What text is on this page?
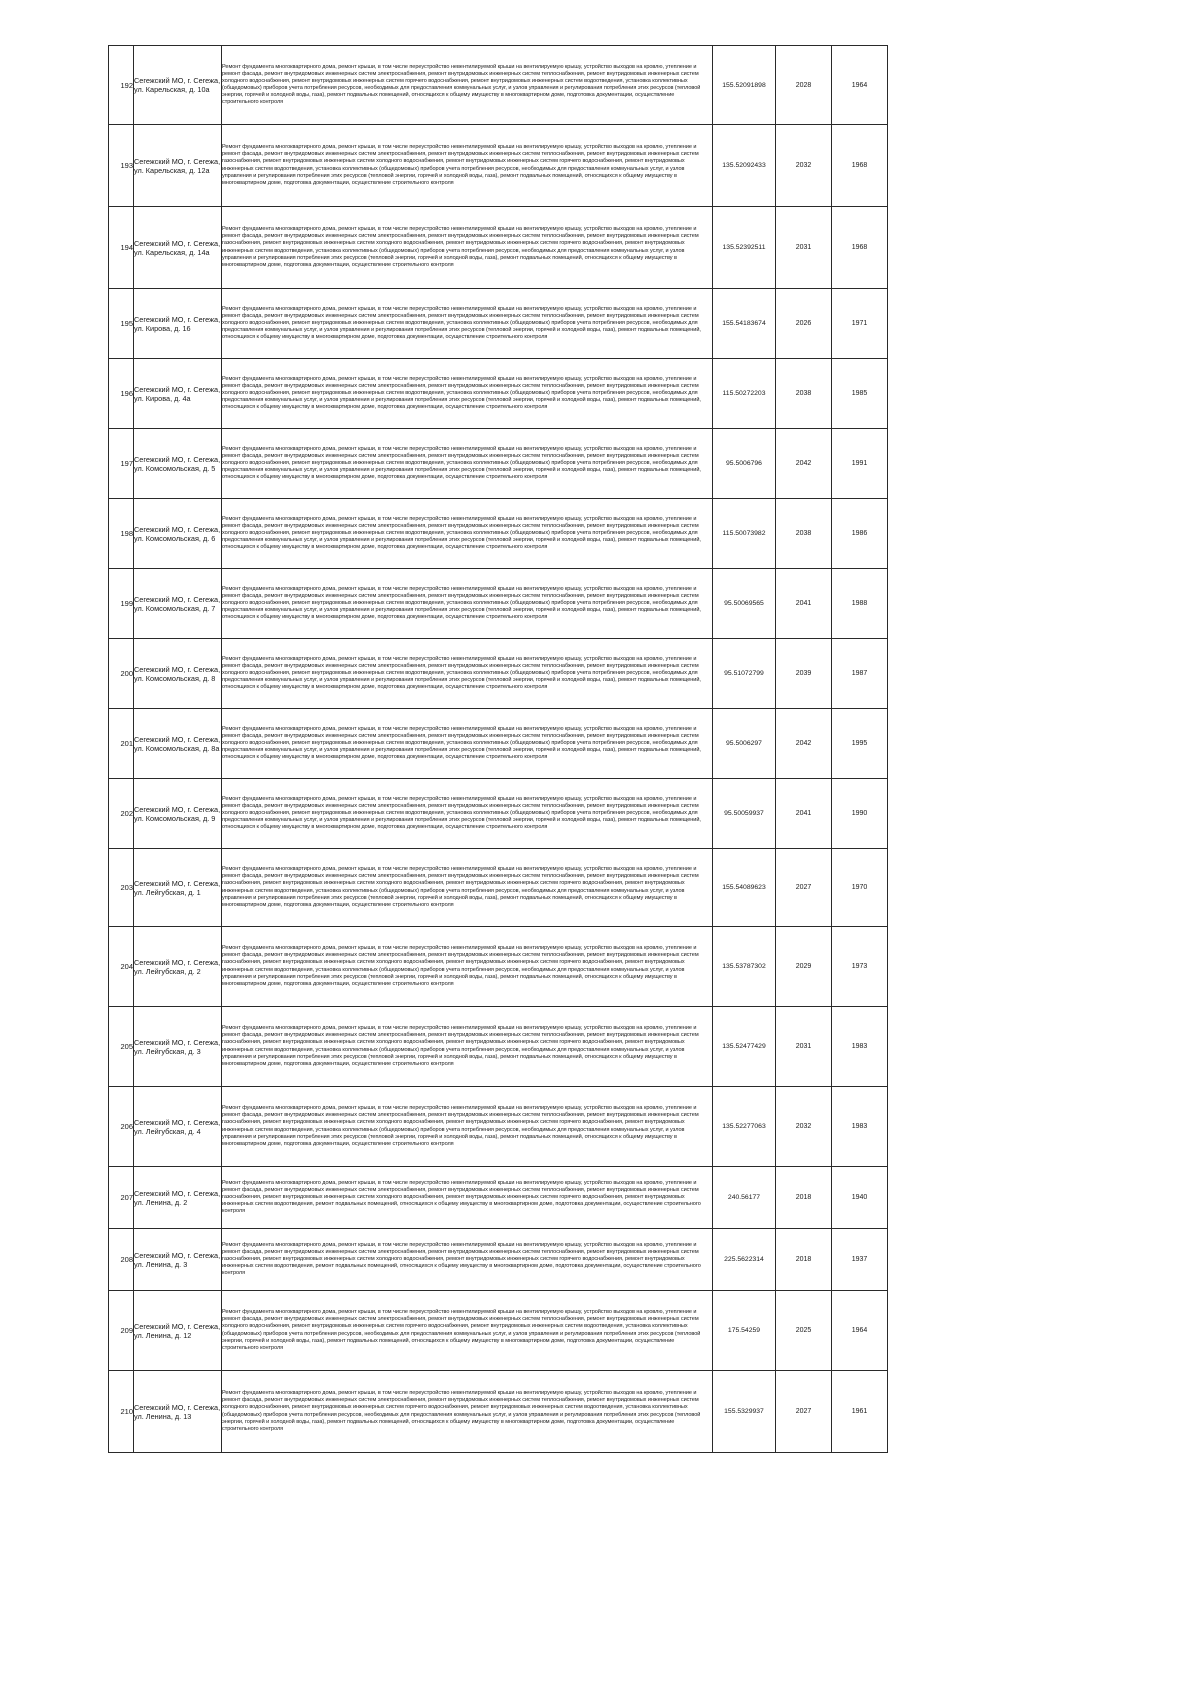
192	Сегежский МО, г. Сегежа, ул. Карельская, д. 10а	Ремонт фундамента многоквартирного дома, ремонт крыши, в том числе переустройство невентилируемой крыши на вентилируемую крышу, устройство выходов на кровлю, утепление и ремонт фасада, ремонт внутридомовых инженерных систем электроснабжения, ремонт внутридомовых инженерных систем теплоснабжения, ремонт внутридомовых инженерных систем холодного водоснабжения, ремонт внутридомовых инженерных систем горячего водоснабжения, ремонт внутридомовых инженерных систем водоотведения, установка коллективных (общедомовых) приборов учета потребления ресурсов, необходимых для предоставления коммунальных услуг, и узлов управления и регулирования потребления этих ресурсов (тепловой энергии, горячей и холодной воды, газа), ремонт подвальных помещений, относящихся к общему имуществу в многоквартирном доме, подготовка документации, осуществление строительного контроля	155.52091898	2028	1964
193	Сегежский МО, г. Сегежа, ул. Карельская, д. 12а	Ремонт фундамента многоквартирного дома, ремонт крыши, в том числе переустройство невентилируемой крыши на вентилируемую крышу, устройство выходов на кровлю, утепление и ремонт фасада, ремонт внутридомовых инженерных систем электроснабжения, ремонт внутридомовых инженерных систем теплоснабжения, ремонт внутридомовых инженерных систем газоснабжения, ремонт внутридомовых инженерных систем холодного водоснабжения, ремонт внутридомовых инженерных систем горячего водоснабжения, ремонт внутридомовых инженерных систем водоотведения, установка коллективных (общедомовых) приборов учета потребления ресурсов, необходимых для предоставления коммунальных услуг, и узлов управления и регулирования потребления этих ресурсов (тепловой энергии, горячей и холодной воды, газа), ремонт подвальных помещений, относящихся к общему имуществу в многоквартирном доме, подготовка документации, осуществление строительного контроля	135.52092433	2032	1968
194	Сегежский МО, г. Сегежа, ул. Карельская, д. 14а	Ремонт фундамента многоквартирного дома, ремонт крыши, в том числе переустройство невентилируемой крыши на вентилируемую крышу, устройство выходов на кровлю, утепление и ремонт фасада, ремонт внутридомовых инженерных систем электроснабжения, ремонт внутридомовых инженерных систем теплоснабжения, ремонт внутридомовых инженерных систем газоснабжения, ремонт внутридомовых инженерных систем холодного водоснабжения, ремонт внутридомовых инженерных систем горячего водоснабжения, ремонт внутридомовых инженерных систем водоотведения, установка коллективных (общедомовых) приборов учета потребления ресурсов, необходимых для предоставления коммунальных услуг, и узлов управления и регулирования потребления этих ресурсов (тепловой энергии, горячей и холодной воды, газа), ремонт подвальных помещений, относящихся к общему имуществу в многоквартирном доме, подготовка документации, осуществление строительного контроля	135.52392511	2031	1968
195	Сегежский МО, г. Сегежа, ул. Кирова, д. 16	Ремонт фундамента многоквартирного дома, ремонт крыши, в том числе переустройство невентилируемой крыши на вентилируемую крышу, устройство выходов на кровлю, утепление и ремонт фасада, ремонт внутридомовых инженерных систем электроснабжения, ремонт внутридомовых инженерных систем теплоснабжения, ремонт внутридомовых инженерных систем холодного водоснабжения, ремонт внутридомовых инженерных систем водоотведения, установка коллективных (общедомовых) приборов учета потребления ресурсов, необходимых для предоставления коммунальных услуг, и узлов управления и регулирования потребления этих ресурсов (тепловой энергии, горячей и холодной воды, газа), ремонт подвальных помещений, относящихся к общему имуществу в многоквартирном доме, подготовка документации, осуществление строительного контроля	155.54183674	2026	1971
196	Сегежский МО, г. Сегежа, ул. Кирова, д. 4а	Ремонт фундамента многоквартирного дома, ремонт крыши, в том числе переустройство невентилируемой крыши на вентилируемую крышу, устройство выходов на кровлю, утепление и ремонт фасада, ремонт внутридомовых инженерных систем электроснабжения, ремонт внутридомовых инженерных систем теплоснабжения, ремонт внутридомовых инженерных систем холодного водоснабжения, ремонт внутридомовых инженерных систем водоотведения, установка коллективных (общедомовых) приборов учета потребления ресурсов, необходимых для предоставления коммунальных услуг, и узлов управления и регулирования потребления этих ресурсов (тепловой энергии, горячей и холодной воды, газа), ремонт подвальных помещений, относящихся к общему имуществу в многоквартирном доме, подготовка документации, осуществление строительного контроля	115.50272203	2038	1985
197	Сегежский МО, г. Сегежа, ул. Комсомольская, д. 5	Ремонт фундамента многоквартирного дома, ремонт крыши, в том числе переустройство невентилируемой крыши на вентилируемую крышу, устройство выходов на кровлю, утепление и ремонт фасада, ремонт внутридомовых инженерных систем электроснабжения, ремонт внутридомовых инженерных систем теплоснабжения, ремонт внутридомовых инженерных систем холодного водоснабжения, ремонт внутридомовых инженерных систем водоотведения, установка коллективных (общедомовых) приборов учета потребления ресурсов, необходимых для предоставления коммунальных услуг, и узлов управления и регулирования потребления этих ресурсов (тепловой энергии, горячей и холодной воды, газа), ремонт подвальных помещений, относящихся к общему имуществу в многоквартирном доме, подготовка документации, осуществление строительного контроля	95.5006796	2042	1991
198	Сегежский МО, г. Сегежа, ул. Комсомольская, д. 6	Ремонт фундамента многоквартирного дома, ремонт крыши, в том числе переустройство невентилируемой крыши на вентилируемую крышу, устройство выходов на кровлю, утепление и ремонт фасада, ремонт внутридомовых инженерных систем электроснабжения, ремонт внутридомовых инженерных систем теплоснабжения, ремонт внутридомовых инженерных систем холодного водоснабжения, ремонт внутридомовых инженерных систем водоотведения, установка коллективных (общедомовых) приборов учета потребления ресурсов, необходимых для предоставления коммунальных услуг, и узлов управления и регулирования потребления этих ресурсов (тепловой энергии, горячей и холодной воды, газа), ремонт подвальных помещений, относящихся к общему имуществу в многоквартирном доме, подготовка документации, осуществление строительного контроля	115.50073982	2038	1986
199	Сегежский МО, г. Сегежа, ул. Комсомольская, д. 7	Ремонт фундамента многоквартирного дома, ремонт крыши, в том числе переустройство невентилируемой крыши на вентилируемую крышу, устройство выходов на кровлю, утепление и ремонт фасада, ремонт внутридомовых инженерных систем электроснабжения, ремонт внутридомовых инженерных систем теплоснабжения, ремонт внутридомовых инженерных систем холодного водоснабжения, ремонт внутридомовых инженерных систем водоотведения, установка коллективных (общедомовых) приборов учета потребления ресурсов, необходимых для предоставления коммунальных услуг, и узлов управления и регулирования потребления этих ресурсов (тепловой энергии, горячей и холодной воды, газа), ремонт подвальных помещений, относящихся к общему имуществу в многоквартирном доме, подготовка документации, осуществление строительного контроля	95.50069565	2041	1988
200	Сегежский МО, г. Сегежа, ул. Комсомольская, д. 8	Ремонт фундамента многоквартирного дома, ремонт крыши, в том числе переустройство невентилируемой крыши на вентилируемую крышу, устройство выходов на кровлю, утепление и ремонт фасада, ремонт внутридомовых инженерных систем электроснабжения, ремонт внутридомовых инженерных систем теплоснабжения, ремонт внутридомовых инженерных систем холодного водоснабжения, ремонт внутридомовых инженерных систем водоотведения, установка коллективных (общедомовых) приборов учета потребления ресурсов, необходимых для предоставления коммунальных услуг, и узлов управления и регулирования потребления этих ресурсов (тепловой энергии, горячей и холодной воды, газа), ремонт подвальных помещений, относящихся к общему имуществу в многоквартирном доме, подготовка документации, осуществление строительного контроля	95.51072799	2039	1987
201	Сегежский МО, г. Сегежа, ул. Комсомольская, д. 8а	Ремонт фундамента многоквартирного дома, ремонт крыши, в том числе переустройство невентилируемой крыши на вентилируемую крышу, устройство выходов на кровлю, утепление и ремонт фасада, ремонт внутридомовых инженерных систем электроснабжения, ремонт внутридомовых инженерных систем теплоснабжения, ремонт внутридомовых инженерных систем холодного водоснабжения, ремонт внутридомовых инженерных систем водоотведения, установка коллективных (общедомовых) приборов учета потребления ресурсов, необходимых для предоставления коммунальных услуг, и узлов управления и регулирования потребления этих ресурсов (тепловой энергии, горячей и холодной воды, газа), ремонт подвальных помещений, относящихся к общему имуществу в многоквартирном доме, подготовка документации, осуществление строительного контроля	95.5006297	2042	1995
202	Сегежский МО, г. Сегежа, ул. Комсомольская, д. 9	Ремонт фундамента многоквартирного дома, ремонт крыши, в том числе переустройство невентилируемой крыши на вентилируемую крышу, устройство выходов на кровлю, утепление и ремонт фасада, ремонт внутридомовых инженерных систем электроснабжения, ремонт внутридомовых инженерных систем теплоснабжения, ремонт внутридомовых инженерных систем холодного водоснабжения, ремонт внутридомовых инженерных систем водоотведения, установка коллективных (общедомовых) приборов учета потребления ресурсов, необходимых для предоставления коммунальных услуг, и узлов управления и регулирования потребления этих ресурсов (тепловой энергии, горячей и холодной воды, газа), ремонт подвальных помещений, относящихся к общему имуществу в многоквартирном доме, подготовка документации, осуществление строительного контроля	95.50059937	2041	1990
203	Сегежский МО, г. Сегежа, ул. Лейгубская, д. 1	Ремонт фундамента многоквартирного дома, ремонт крыши, в том числе переустройство невентилируемой крыши на вентилируемую крышу, устройство выходов на кровлю, утепление и ремонт фасада, ремонт внутридомовых инженерных систем электроснабжения, ремонт внутридомовых инженерных систем теплоснабжения, ремонт внутридомовых инженерных систем газоснабжения, ремонт внутридомовых инженерных систем холодного водоснабжения, ремонт внутридомовых инженерных систем горячего водоснабжения, ремонт внутридомовых инженерных систем водоотведения, установка коллективных (общедомовых) приборов учета потребления ресурсов, необходимых для предоставления коммунальных услуг, и узлов управления и регулирования потребления этих ресурсов (тепловой энергии, горячей и холодной воды, газа), ремонт подвальных помещений, относящихся к общему имуществу в многоквартирном доме, подготовка документации, осуществление строительного контроля	155.54089623	2027	1970
204	Сегежский МО, г. Сегежа, ул. Лейгубская, д. 2	Ремонт фундамента многоквартирного дома, ремонт крыши, в том числе переустройство невентилируемой крыши на вентилируемую крышу, устройство выходов на кровлю, утепление и ремонт фасада, ремонт внутридомовых инженерных систем электроснабжения, ремонт внутридомовых инженерных систем теплоснабжения, ремонт внутридомовых инженерных систем газоснабжения, ремонт внутридомовых инженерных систем холодного водоснабжения, ремонт внутридомовых инженерных систем горячего водоснабжения, ремонт внутридомовых инженерных систем водоотведения, установка коллективных (общедомовых) приборов учета потребления ресурсов, необходимых для предоставления коммунальных услуг, и узлов управления и регулирования потребления этих ресурсов (тепловой энергии, горячей и холодной воды, газа), ремонт подвальных помещений, относящихся к общему имуществу в многоквартирном доме, подготовка документации, осуществление строительного контроля	135.53787302	2029	1973
205	Сегежский МО, г. Сегежа, ул. Лейгубская, д. 3	Ремонт фундамента многоквартирного дома, ремонт крыши, в том числе переустройство невентилируемой крыши на вентилируемую крышу, устройство выходов на кровлю, утепление и ремонт фасада, ремонт внутридомовых инженерных систем электроснабжения, ремонт внутридомовых инженерных систем теплоснабжения, ремонт внутридомовых инженерных систем газоснабжения, ремонт внутридомовых инженерных систем холодного водоснабжения, ремонт внутридомовых инженерных систем горячего водоснабжения, ремонт внутридомовых инженерных систем водоотведения, установка коллективных (общедомовых) приборов учета потребления ресурсов, необходимых для предоставления коммунальных услуг, и узлов управления и регулирования потребления этих ресурсов (тепловой энергии, горячей и холодной воды, газа), ремонт подвальных помещений, относящихся к общему имуществу в многоквартирном доме, подготовка документации, осуществление строительного контроля	135.52477429	2031	1983
206	Сегежский МО, г. Сегежа, ул. Лейгубская, д. 4	Ремонт фундамента многоквартирного дома, ремонт крыши, в том числе переустройство невентилируемой крыши на вентилируемую крышу, устройство выходов на кровлю, утепление и ремонт фасада, ремонт внутридомовых инженерных систем электроснабжения, ремонт внутридомовых инженерных систем теплоснабжения, ремонт внутридомовых инженерных систем газоснабжения, ремонт внутридомовых инженерных систем холодного водоснабжения, ремонт внутридомовых инженерных систем горячего водоснабжения, ремонт внутридомовых инженерных систем водоотведения, установка коллективных (общедомовых) приборов учета потребления ресурсов, необходимых для предоставления коммунальных услуг, и узлов управления и регулирования потребления этих ресурсов (тепловой энергии, горячей и холодной воды, газа), ремонт подвальных помещений, относящихся к общему имуществу в многоквартирном доме, подготовка документации, осуществление строительного контроля	135.52277063	2032	1983
207	Сегежский МО, г. Сегежа, ул. Ленина, д. 2	Ремонт фундамента многоквартирного дома, ремонт крыши, в том числе переустройство невентилируемой крыши на вентилируемую крышу, устройство выходов на кровлю, утепление и ремонт фасада, ремонт внутридомовых инженерных систем электроснабжения, ремонт внутридомовых инженерных систем теплоснабжения, ремонт внутридомовых инженерных систем газоснабжения, ремонт внутридомовых инженерных систем холодного водоснабжения, ремонт внутридомовых инженерных систем горячего водоснабжения, ремонт внутридомовых инженерных систем водоотведения, ремонт подвальных помещений, относящихся к общему имуществу в многоквартирном доме, подготовка документации, осуществление строительного контроля	240.56177	2018	1940
208	Сегежский МО, г. Сегежа, ул. Ленина, д. 3	Ремонт фундамента многоквартирного дома, ремонт крыши, в том числе переустройство невентилируемой крыши на вентилируемую крышу, устройство выходов на кровлю, утепление и ремонт фасада, ремонт внутридомовых инженерных систем электроснабжения, ремонт внутридомовых инженерных систем теплоснабжения, ремонт внутридомовых инженерных систем газоснабжения, ремонт внутридомовых инженерных систем холодного водоснабжения, ремонт внутридомовых инженерных систем горячего водоснабжения, ремонт внутридомовых инженерных систем водоотведения, ремонт подвальных помещений, относящихся к общему имуществу в многоквартирном доме, подготовка документации, осуществление строительного контроля	225.5622314	2018	1937
209	Сегежский МО, г. Сегежа, ул. Ленина, д. 12	Ремонт фундамента многоквартирного дома, ремонт крыши, в том числе переустройство невентилируемой крыши на вентилируемую крышу, устройство выходов на кровлю, утепление и ремонт фасада, ремонт внутридомовых инженерных систем электроснабжения, ремонт внутридомовых инженерных систем теплоснабжения, ремонт внутридомовых инженерных систем холодного водоснабжения, ремонт внутридомовых инженерных систем горячего водоснабжения, ремонт внутридомовых инженерных систем водоотведения, установка коллективных (общедомовых) приборов учета потребления ресурсов, необходимых для предоставления коммунальных услуг, и узлов управления и регулирования потребления этих ресурсов (тепловой энергии, горячей и холодной воды, газа), ремонт подвальных помещений, относящихся к общему имуществу в многоквартирном доме, подготовка документации, осуществление строительного контроля	175.54259	2025	1964
210	Сегежский МО, г. Сегежа, ул. Ленина, д. 13	Ремонт фундамента многоквартирного дома, ремонт крыши, в том числе переустройство невентилируемой крыши на вентилируемую крышу, устройство выходов на кровлю, утепление и ремонт фасада, ремонт внутридомовых инженерных систем электроснабжения, ремонт внутридомовых инженерных систем теплоснабжения, ремонт внутридомовых инженерных систем холодного водоснабжения, ремонт внутридомовых инженерных систем горячего водоснабжения, ремонт внутридомовых инженерных систем водоотведения, установка коллективных (общедомовых) приборов учета потребления ресурсов, необходимых для предоставления коммунальных услуг, и узлов управления и регулирования потребления этих ресурсов (тепловой энергии, горячей и холодной воды, газа), ремонт подвальных помещений, относящихся к общему имуществу в многоквартирном доме, подготовка документации, осуществление строительного контроля	155.5329937	2027	1961
